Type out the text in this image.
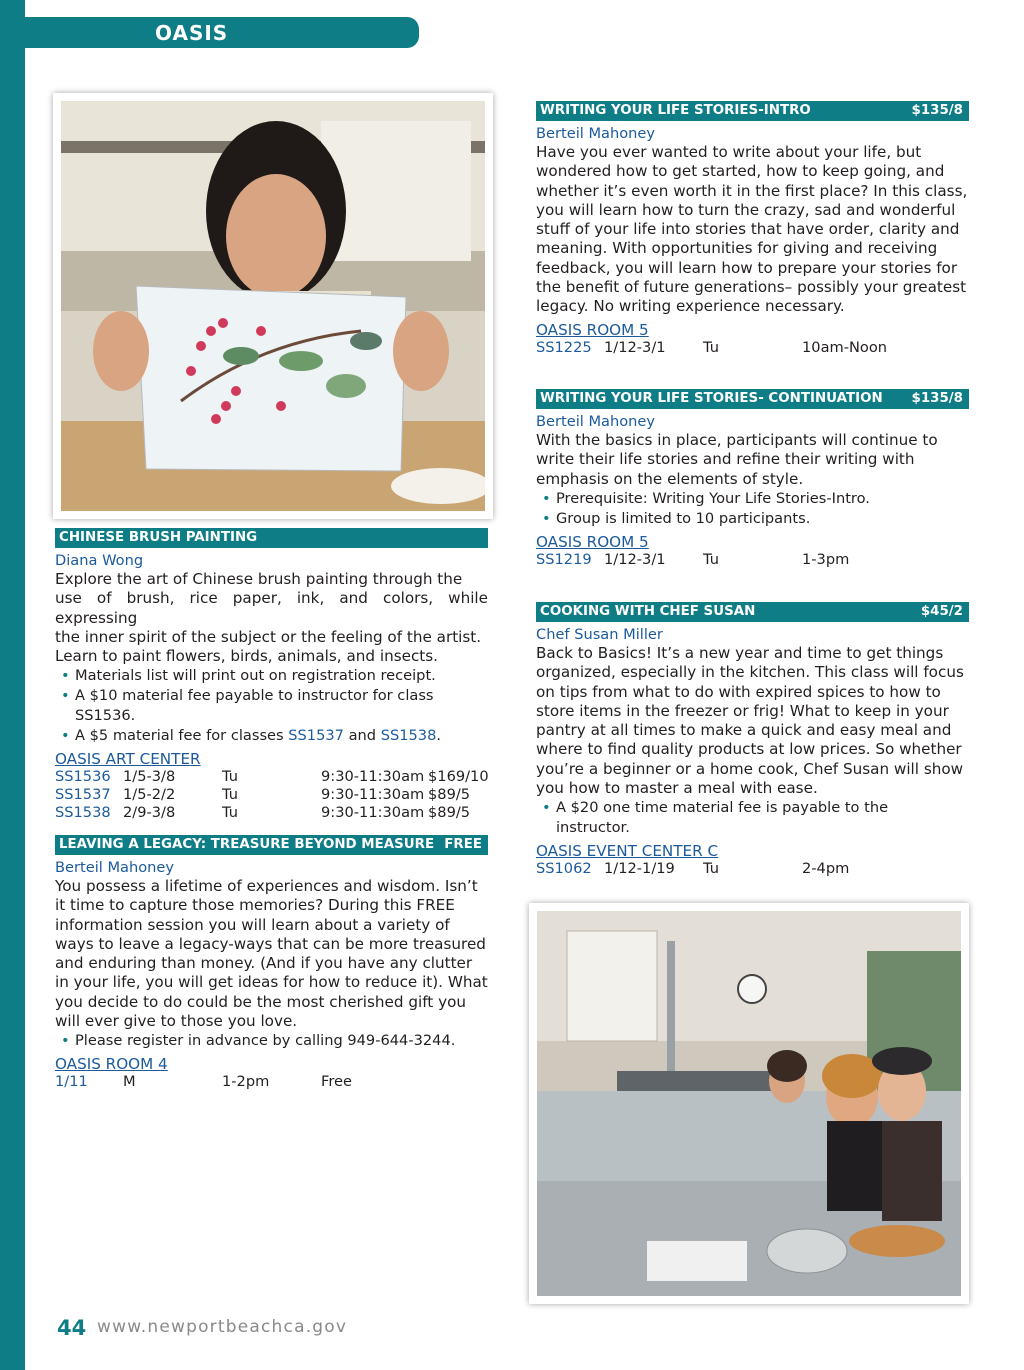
OASIS
CHINESE BRUSH PAINTING
Diana Wong
Explore the art of Chinese brush painting through the
use of brush, rice paper, ink, and colors, while expressing
the inner spirit of the subject or the feeling of the artist.
Learn to paint flowers, birds, animals, and insects.
• Materials list will print out on registration receipt.
• A $10 material fee payable to instructor for class
SS1536.
• A $5 material fee for classes SS1537 and SS1538.
OASIS ART CENTER
SS1536 1/5-3/8	Tu	9:30-11:30am $169/10
SS1537 1/5-2/2	Tu	9:30-11:30am $89/5
SS1538 2/9-3/8	Tu	9:30-11:30am $89/5
LEAVING A LEGACY: TREASURE BEYOND MEASURE FREE
Berteil Mahoney
You possess a lifetime of experiences and wisdom. Isn’t
it time to capture those memories? During this FREE
information session you will learn about a variety of
ways to leave a legacy-ways that can be more treasured
and enduring than money. (And if you have any clutter
in your life, you will get ideas for how to reduce it). What
you decide to do could be the most cherished gift you
will ever give to those you love.
• Please register in advance by calling 949-644-3244.
OASIS ROOM 4
1/11 M	1-2pm	Free
WRITING YOUR LIFE STORIES-INTRO	$135/8
Berteil Mahoney
Have you ever wanted to write about your life, but
wondered how to get started, how to keep going, and
whether it’s even worth it in the first place? In this class,
you will learn how to turn the crazy, sad and wonderful
stuff of your life into stories that have order, clarity and
meaning. With opportunities for giving and receiving
feedback, you will learn how to prepare your stories for
the benefit of future generations– possibly your greatest
legacy. No writing experience necessary.
OASIS ROOM 5
SS1225 1/12-3/1	Tu	10am-Noon
WRITING YOUR LIFE STORIES- CONTINUATION $135/8
Berteil Mahoney
With the basics in place, participants will continue to
write their life stories and refine their writing with
emphasis on the elements of style.
• Prerequisite: Writing Your Life Stories-Intro.
• Group is limited to 10 participants.
OASIS ROOM 5
SS1219 1/12-3/1	Tu	1-3pm
COOKING WITH CHEF SUSAN	$45/2
Chef Susan Miller
Back to Basics! It’s a new year and time to get things
organized, especially in the kitchen. This class will focus
on tips from what to do with expired spices to how to
store items in the freezer or frig! What to keep in your
pantry at all times to make a quick and easy meal and
where to find quality products at low prices. So whether
you’re a beginner or a home cook, Chef Susan will show
you how to master a meal with ease.
• A $20 one time material fee is payable to the
instructor.
OASIS EVENT CENTER C
SS1062 1/12-1/19 Tu	2-4pm
44 www.newportbeachca.gov
